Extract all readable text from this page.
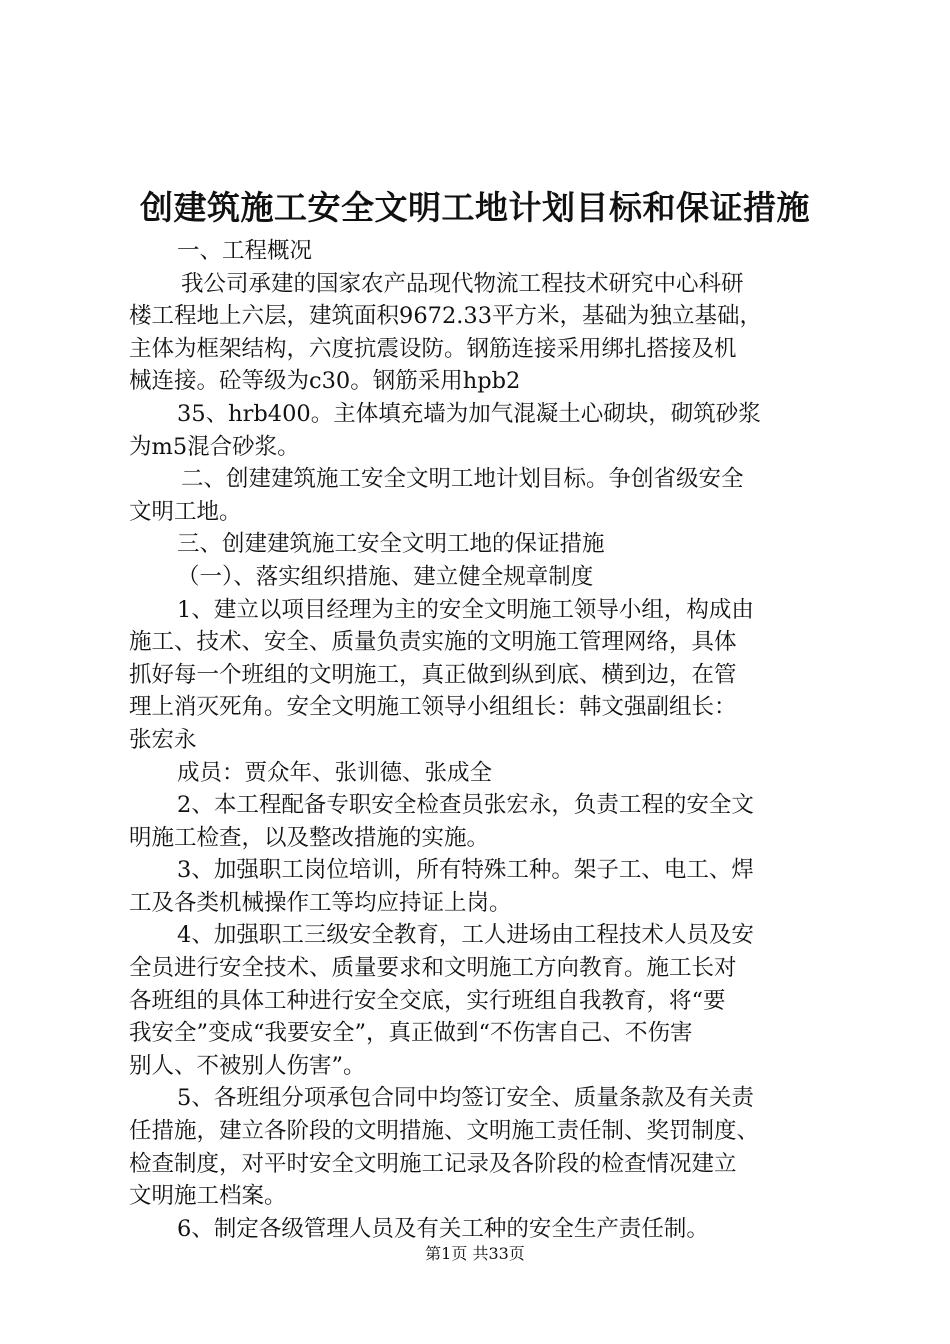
创建筑施工安全文明工地计划目标和保证措施
一、工程概况
我公司承建的国家农产品现代物流工程技术研究中心科研
楼工程地上六层，建筑面积9672.33平方米，基础为独立基础，
主体为框架结构，六度抗震设防。钢筋连接采用绑扎搭接及机
械连接。砼等级为c30。钢筋采用hpb2
35、hrb400。主体填充墙为加气混凝土心砌块，砌筑砂浆
为m5混合砂浆。
二、创建建筑施工安全文明工地计划目标。争创省级安全
文明工地。
三、创建建筑施工安全文明工地的保证措施
（一）、落实组织措施、建立健全规章制度
1、建立以项目经理为主的安全文明施工领导小组，构成由
施工、技术、安全、质量负责实施的文明施工管理网络，具体
抓好每一个班组的文明施工，真正做到纵到底、横到边，在管
理上消灭死角。安全文明施工领导小组组长：韩文强副组长：
张宏永
成员：贾众年、张训德、张成全
2、本工程配备专职安全检查员张宏永，负责工程的安全文
明施工检查，以及整改措施的实施。
3、加强职工岗位培训，所有特殊工种。架子工、电工、焊
工及各类机械操作工等均应持证上岗。
4、加强职工三级安全教育，工人进场由工程技术人员及安
全员进行安全技术、质量要求和文明施工方向教育。施工长对
各班组的具体工种进行安全交底，实行班组自我教育，将“要
我安全”变成“我要安全”，真正做到“不伤害自己、不伤害
别人、不被别人伤害”。
5、各班组分项承包合同中均签订安全、质量条款及有关责
任措施，建立各阶段的文明措施、文明施工责任制、奖罚制度、
检查制度，对平时安全文明施工记录及各阶段的检查情况建立
文明施工档案。
6、制定各级管理人员及有关工种的安全生产责任制。
第1页 共33页
